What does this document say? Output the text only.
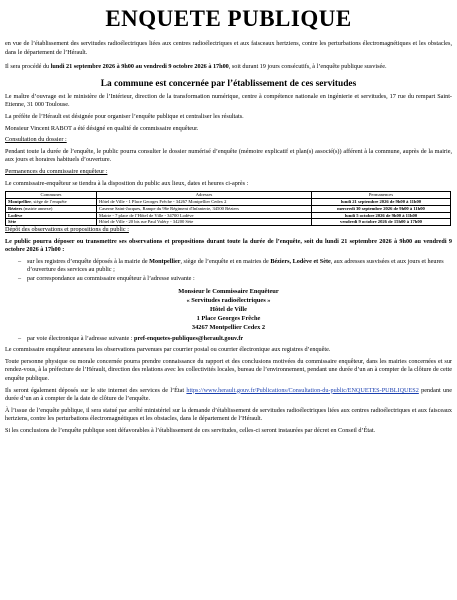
ENQUETE PUBLIQUE

en vue de l’établissement des servitudes radioélectriques liées aux centres radioélectriques et aux faisceaux hertziens, contre les perturbations électromagnétiques et les obstacles, dans le département de l’Hérault.

Il sera procédé du lundi 21 septembre 2026 à 9h00 au vendredi 9 octobre 2026 à 17h00, soit durant 19 jours consécutifs, à l’enquête publique susvisée.

La commune est concernée par l’établissement de ces servitudes

Le maître d’ouvrage est le ministère de l’Intérieur, direction de la transformation numérique, centre à compétence nationale en ingénierie et servitudes, 17 rue du rempart Saint-Etienne, 31 000 Toulouse.

La préfète de l’Hérault est désignée pour organiser l’enquête publique et centraliser les résultats.

Monsieur Vincent RABOT a été désigné en qualité de commissaire enquêteur.

Consultation du dossier :

Pendant toute la durée de l’enquête, le public pourra consulter le dossier numérisé d’enquête (mémoire explicatif et plan(s) associé(s)) afférent à la commune, auprès de la mairie, aux jours et horaires habituels d’ouverture.

Permanences du commissaire enquêteur :

Le commissaire-enquêteur se tiendra à la disposition du public aux lieux, dates et heures ci-après :

Communes	Adresses	Permanences
Montpellier, siège de l’enquête	Hôtel de Ville - 1 Place Georges Frêche - 34267 Montpellier Cedex 2	lundi 21 septembre 2026 de 9h00 à 11h00
Béziers (mairie annexe)	Caserne Saint-Jacques, Rampe du 96e Régiment d'Infanterie, 34500 Béziers	mercredi 30 septembre 2026 de 9h00 à 11h00
Lodève	Mairie - 7 place de l’Hôtel de Ville - 34700 Lodève	lundi 5 octobre 2026 de 9h00 à 11h00
Sète	Hôtel de Ville - 20 bis rue Paul Valéry - 34200 Sète	vendredi 9 octobre 2026 de 15h00 à 17h00

Dépôt des observations et propositions du public :

Le public pourra déposer ou transmettre ses observations et propositions durant toute la durée de l’enquête, soit du lundi 21 septembre 2026 à 9h00 au vendredi 9 octobre 2026 à 17h00 :

– sur les registres d’enquête déposés à la mairie de Montpellier, siège de l’enquête et en mairies de Béziers, Lodève et Sète, aux adresses susvisées et aux jours et heures d’ouverture des services au public ;
– par correspondance au commissaire enquêteur à l’adresse suivante :
Monsieur le Commissaire Enquêteur
« Servitudes radioélectriques »
Hôtel de Ville
1 Place Georges Frêche
34267 Montpellier Cedex 2
– par voie électronique à l’adresse suivante : pref-enquetes-publiques@herault.gouv.fr

Le commissaire enquêteur annexera les observations parvenues par courrier postal ou courrier électronique aux registres d’enquête.

Toute personne physique ou morale concernée pourra prendre connaissance du rapport et des conclusions motivées du commissaire enquêteur, dans les mairies concernées et sur rendez-vous, à la préfecture de l’Hérault, direction des relations avec les collectivités locales, bureau de l’environnement, pendant une durée d’un an à compter de la clôture de cette enquête publique.

Ils seront également déposés sur le site internet des services de l’État https://www.herault.gouv.fr/Publications/Consultation-du-public/ENQUETES-PUBLIQUES2 pendant une durée d’un an à compter de la date de clôture de l’enquête.

À l’issue de l’enquête publique, il sera statué par arrêté ministériel sur la demande d’établissement de servitudes radioélectriques liées aux centres radioélectriques et aux faisceaux hertziens, contre les perturbations électromagnétiques et les obstacles, dans le département de l’Hérault.

Si les conclusions de l’enquête publique sont défavorables à l’établissement de ces servitudes, celles-ci seront instaurées par décret en Conseil d’État.
